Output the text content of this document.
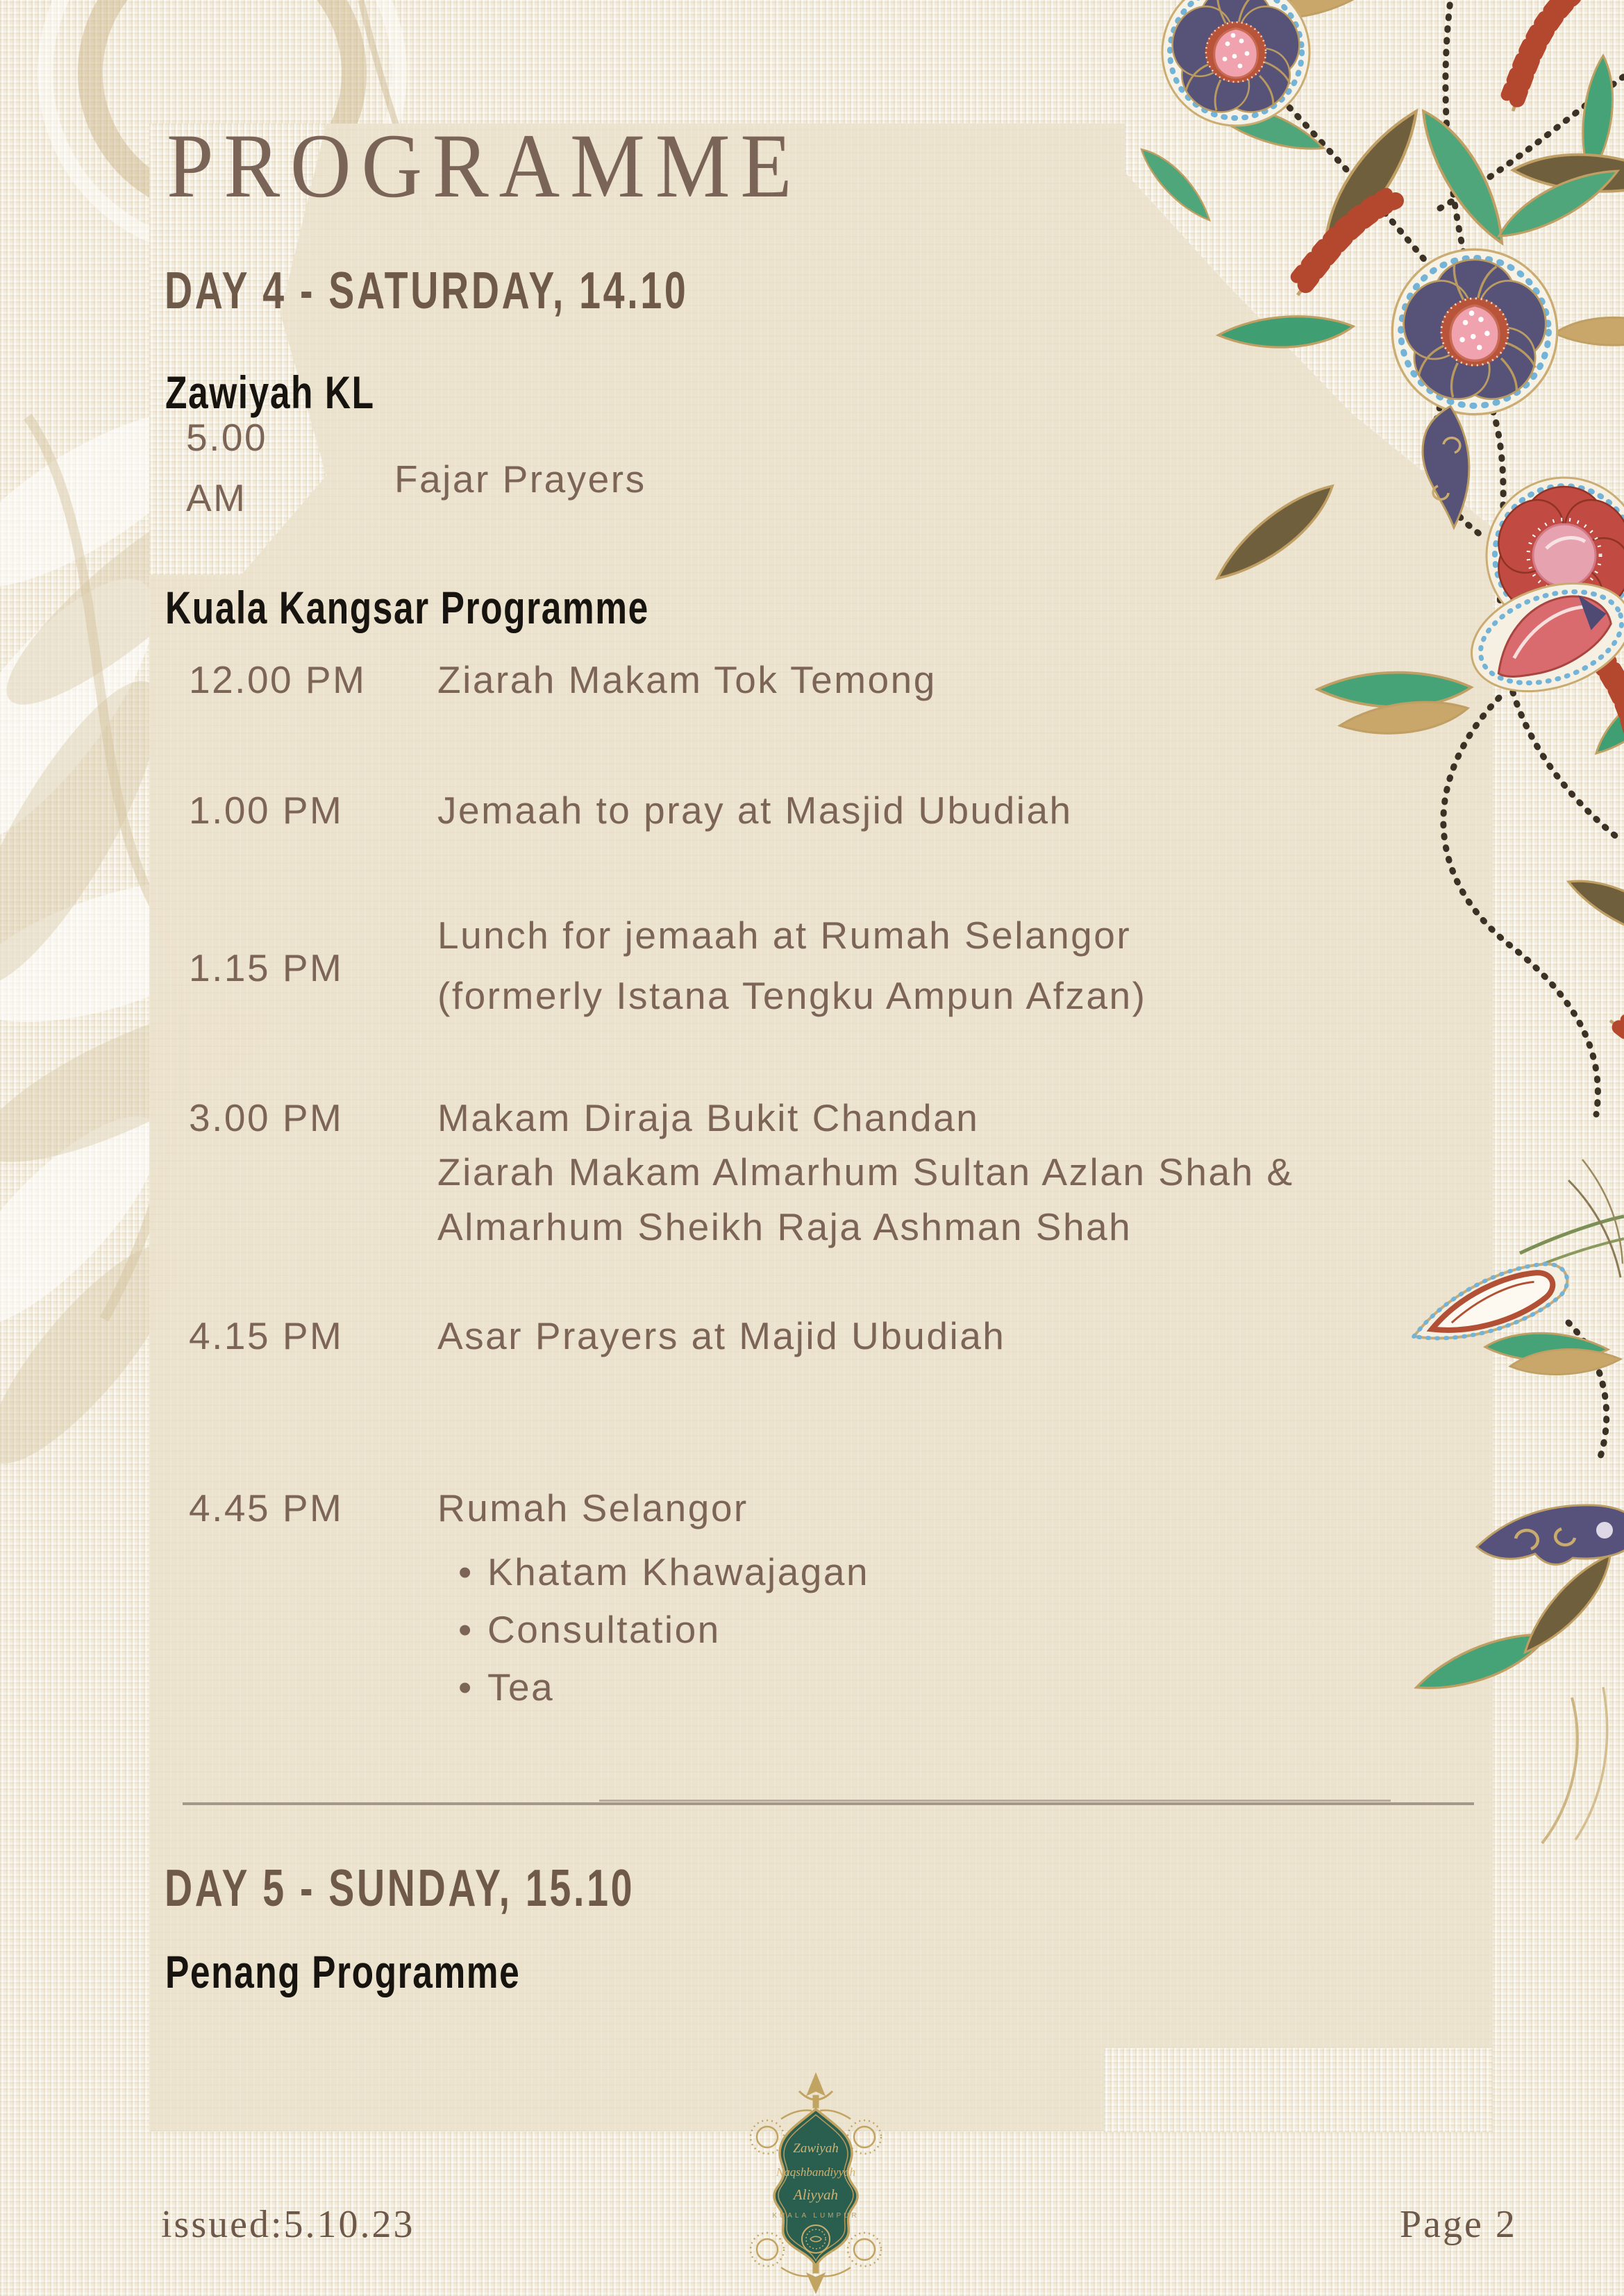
PROGRAMME
DAY 4 - SATURDAY, 14.10
Zawiyah KL
5.00
AM	Fajar Prayers
Kuala Kangsar Programme
12.00 PM Ziarah Makam Tok Temong
1.00 PM Jemaah to pray at Masjid Ubudiah
1.15 PM
Lunch for jemaah at Rumah Selangor
(formerly Istana Tengku Ampun Afzan)
3.00 PM Makam Diraja Bukit Chandan
Ziarah Makam Almarhum Sultan Azlan Shah &
Almarhum Sheikh Raja Ashman Shah
4.15 PM Asar Prayers at Majid Ubudiah
4.45 PM Rumah Selangor
• Khatam Khawajagan
• Consultation
• Tea
DAY 5 - SUNDAY, 15.10
Penang Programme
issued:5.10.23	Page 2
Zawiyah
Naqshbandiyyah
Aliyyah
KUALA LUMPUR
